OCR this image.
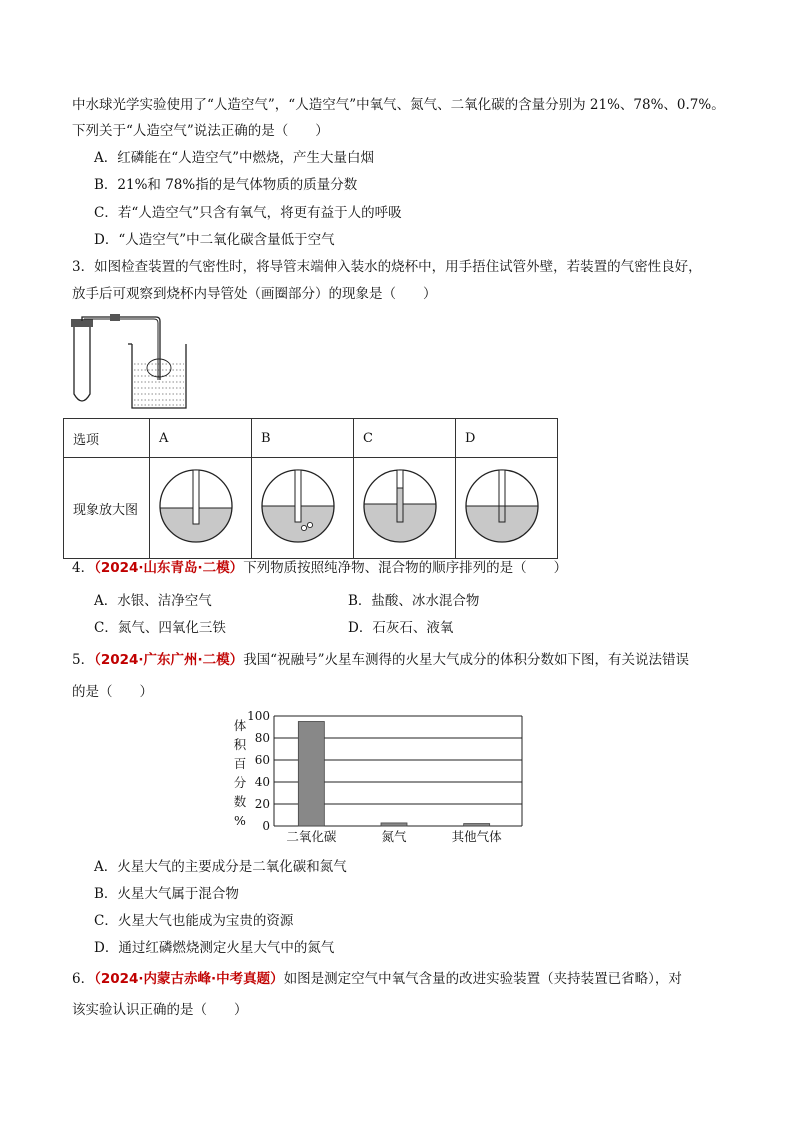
中水球光学实验使用了“人造空气”，“人造空气”中氧气、氮气、二氧化碳的含量分别为 21%、78%、0.7%。
下列关于“人造空气”说法正确的是（　　）
A．红磷能在“人造空气”中燃烧，产生大量白烟
B．21%和 78%指的是气体物质的质量分数
C．若“人造空气”只含有氧气，将更有益于人的呼吸
D．“人造空气”中二氧化碳含量低于空气
3．如图检查装置的气密性时，将导管末端伸入装水的烧杯中，用手捂住试管外壁，若装置的气密性良好，
放手后可观察到烧杯内导管处（画圈部分）的现象是（　　）
选项	A	B	C	D
现象放大图				
4．（2024·山东青岛·二模）下列物质按照纯净物、混合物的顺序排列的是（　　）
A．水银、洁净空气	B．盐酸、冰水混合物
C．氮气、四氧化三铁	D．石灰石、液氧
5．（2024·广东广州·二模）我国“祝融号”火星车测得的火星大气成分的体积分数如下图，有关说法错误
的是（　　）
0
20
40
60
80
100
体
积
百
分
数
%
二氧化碳	氮气	其他气体
A．火星大气的主要成分是二氧化碳和氮气
B．火星大气属于混合物
C．火星大气也能成为宝贵的资源
D．通过红磷燃烧测定火星大气中的氮气
6．（2024·内蒙古赤峰·中考真题）如图是测定空气中氧气含量的改进实验装置（夹持装置已省略），对
该实验认识正确的是（　　）
